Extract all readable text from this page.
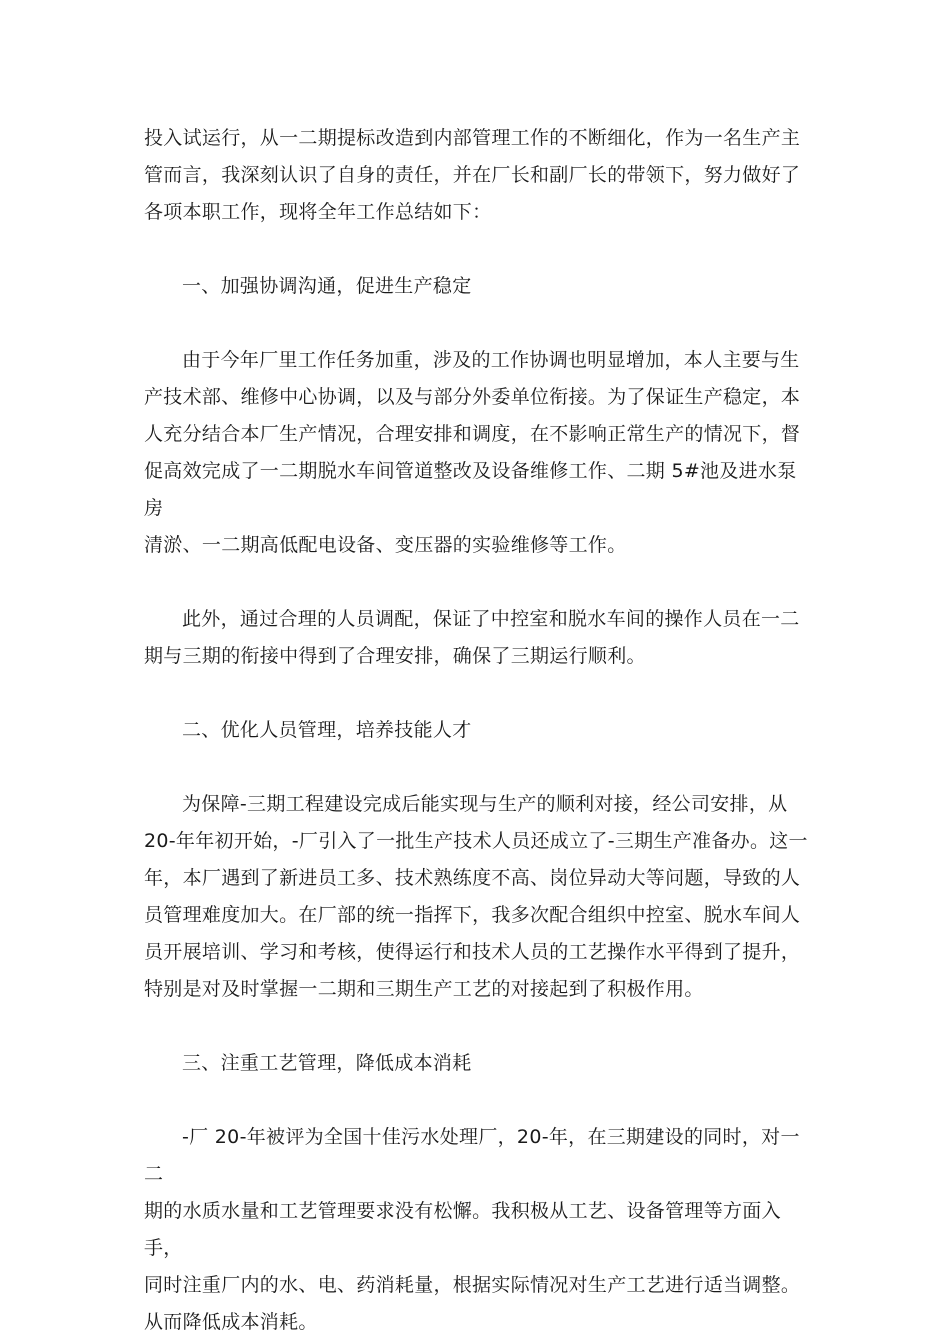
投入试运行，从一二期提标改造到内部管理工作的不断细化，作为一名生产主
管而言，我深刻认识了自身的责任，并在厂长和副厂长的带领下，努力做好了
各项本职工作，现将全年工作总结如下：

一、加强协调沟通，促进生产稳定

由于今年厂里工作任务加重，涉及的工作协调也明显增加，本人主要与生
产技术部、维修中心协调，以及与部分外委单位衔接。为了保证生产稳定，本
人充分结合本厂生产情况，合理安排和调度，在不影响正常生产的情况下，督
促高效完成了一二期脱水车间管道整改及设备维修工作、二期 5#池及进水泵房
清淤、一二期高低配电设备、变压器的实验维修等工作。

此外，通过合理的人员调配，保证了中控室和脱水车间的操作人员在一二
期与三期的衔接中得到了合理安排，确保了三期运行顺利。

二、优化人员管理，培养技能人才

为保障-三期工程建设完成后能实现与生产的顺利对接，经公司安排，从
20-年年初开始，-厂引入了一批生产技术人员还成立了-三期生产准备办。这一
年，本厂遇到了新进员工多、技术熟练度不高、岗位异动大等问题，导致的人
员管理难度加大。在厂部的统一指挥下，我多次配合组织中控室、脱水车间人
员开展培训、学习和考核，使得运行和技术人员的工艺操作水平得到了提升，
特别是对及时掌握一二期和三期生产工艺的对接起到了积极作用。

三、注重工艺管理，降低成本消耗

-厂 20-年被评为全国十佳污水处理厂，20-年，在三期建设的同时，对一二
期的水质水量和工艺管理要求没有松懈。我积极从工艺、设备管理等方面入手，
同时注重厂内的水、电、药消耗量，根据实际情况对生产工艺进行适当调整。
从而降低成本消耗。
